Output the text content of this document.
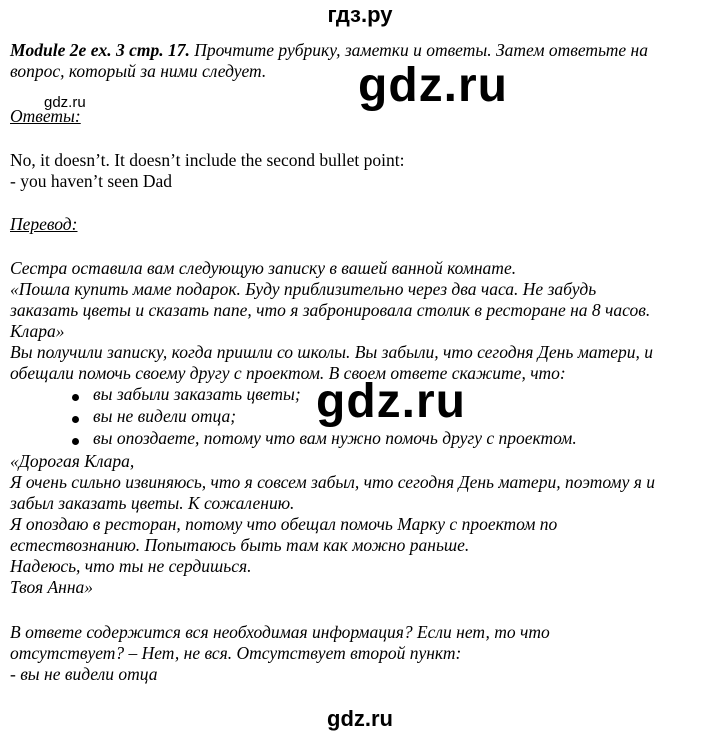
гдз.ру
Module 2e ex. 3 стр. 17. Прочтите рубрику, заметки и ответы. Затем ответьте на
вопрос, который за ними следует. gdz.ru
gdz.ru
gdz.ru
Ответы:
No, it doesn’t. It doesn’t include the second bullet point:
- you haven’t seen Dad
Перевод:
Сестра оставила вам следующую записку в вашей ванной комнате.
«Пошла купить маме подарок. Буду приблизительно через два часа. Не забудь
заказать цветы и сказать папе, что я забронировала столик в ресторане на 8 часов.
Клара»
Вы получили записку, когда пришли со школы. Вы забыли, что сегодня День матери, и
обещали помочь своему другу с проектом. В своем ответе скажите, что:
вы забыли заказать цветы;
вы не видели отца;
вы опоздаете, потому что вам нужно помочь другу с проектом.
«Дорогая Клара,
Я очень сильно извиняюсь, что я совсем забыл, что сегодня День матери, поэтому я и
забыл заказать цветы. К сожалению.
Я опоздаю в ресторан, потому что обещал помочь Марку с проектом по
естествознанию. Попытаюсь быть там как можно раньше.
Надеюсь, что ты не сердишься.
Твоя Анна»
В ответе содержится вся необходимая информация? Если нет, то что
отсутствует? – Нет, не вся. Отсутствует второй пункт:
- вы не видели отца
gdz.ru
